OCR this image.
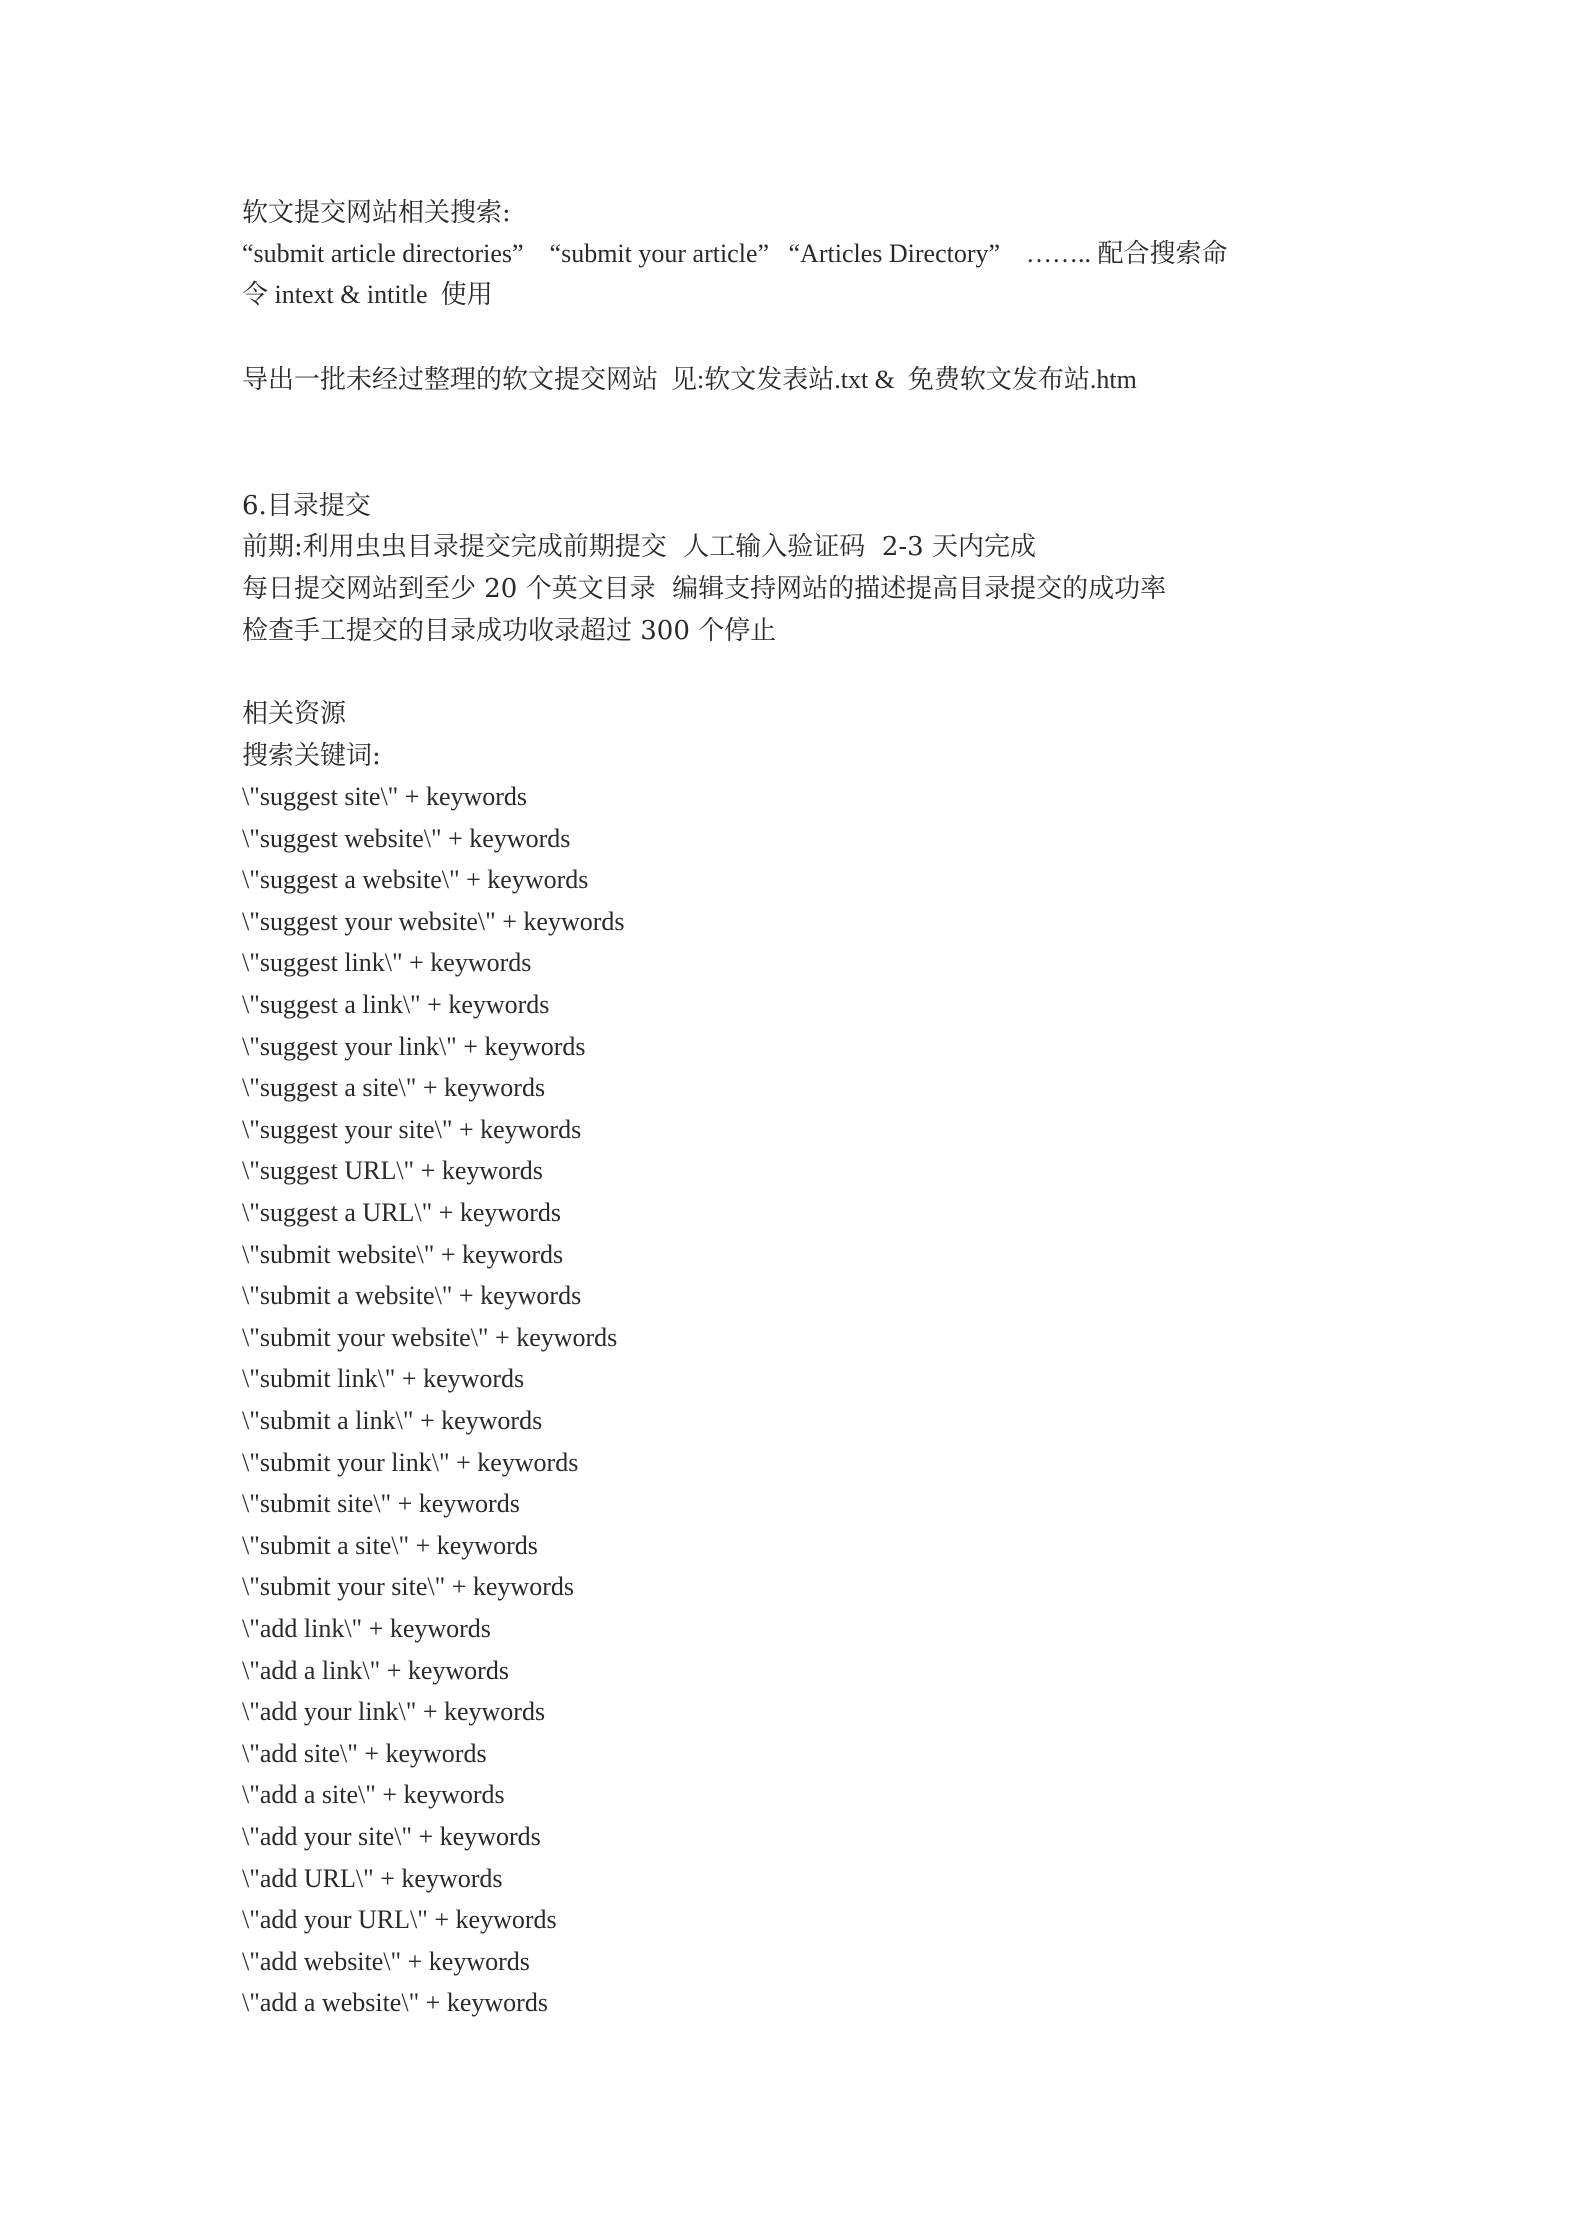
软文提交网站相关搜索:
“submit article directories”    “submit your article”   “Articles Directory”    …….. 配合搜索命
令 intext & intitle  使用
导出一批未经过整理的软文提交网站  见:软文发表站.txt &  免费软文发布站.htm
6.目录提交
前期:利用虫虫目录提交完成前期提交  人工输入验证码  2-3 天内完成
每日提交网站到至少 20 个英文目录  编辑支持网站的描述提高目录提交的成功率
检查手工提交的目录成功收录超过 300 个停止
相关资源
搜索关键词:
\"suggest site\" + keywords
\"suggest website\" + keywords
\"suggest a website\" + keywords
\"suggest your website\" + keywords
\"suggest link\" + keywords
\"suggest a link\" + keywords
\"suggest your link\" + keywords
\"suggest a site\" + keywords
\"suggest your site\" + keywords
\"suggest URL\" + keywords
\"suggest a URL\" + keywords
\"submit website\" + keywords
\"submit a website\" + keywords
\"submit your website\" + keywords
\"submit link\" + keywords
\"submit a link\" + keywords
\"submit your link\" + keywords
\"submit site\" + keywords
\"submit a site\" + keywords
\"submit your site\" + keywords
\"add link\" + keywords
\"add a link\" + keywords
\"add your link\" + keywords
\"add site\" + keywords
\"add a site\" + keywords
\"add your site\" + keywords
\"add URL\" + keywords
\"add your URL\" + keywords
\"add website\" + keywords
\"add a website\" + keywords
